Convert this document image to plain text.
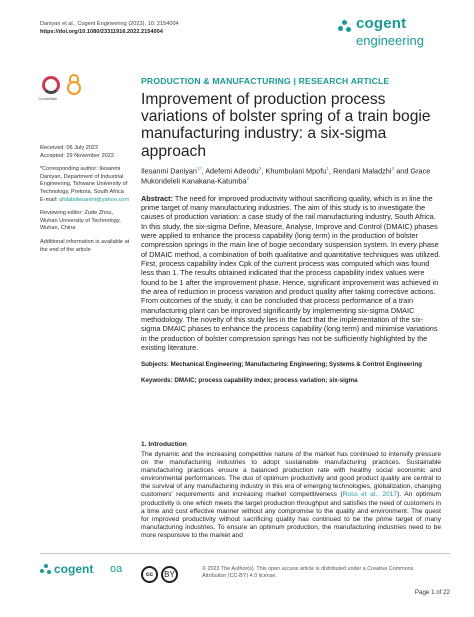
Daniyan et al., Cogent Engineering (2023), 10: 2154004
https://doi.org/10.1080/23311916.2022.2154004	cogent
engineering
CrossMark

Received: 06 July 2022
Accepted: 29 November 2022

*Corresponding author: Ilesanmi Daniyan, Department of Industrial Engineering, Tshwane University of Technology, Pretoria, South Africa
E-mail: afolabiilesanmi@yahoo.com

Reviewing editor: Zude Zhou, Wuhan University of Technology, Wuhan, China

Additional information is available at the end of the article

PRODUCTION & MANUFACTURING | RESEARCH ARTICLE
Improvement of production process variations of bolster spring of a train bogie manufacturing industry: a six-sigma approach
Ilesanmi Daniyan$^{1*}$, Adefemi Adeodu$^2$, Khumbulani Mpofu$^1$, Rendani Maladzhi$^2$ and Grace Mukondeleli Kanakana-Katumba$^2$
Abstract: The need for improved productivity without sacrificing quality, which is in line the prime target of many manufacturing industries. The aim of this study is to investigate the causes of production variation: a case study of the rail manufacturing industry, South Africa. In this study, the six-sigma Define, Measure, Analyse, Improve and Control (DMAIC) phases were applied to enhance the process capability (long term) in the production of bolster compression springs in the main line of bogie secondary suspension system. In every phase of DMAIC method, a combination of both qualitative and quantitative techniques was utilized. First, process capability index Cpk of the current process was computed which was found less than 1. The results obtained indicated that the process capability index values were found to be 1 after the improvement phase. Hence, significant improvement was achieved in the area of reduction in process variation and product quality after taking corrective actions. From outcomes of the study, it can be concluded that process performance of a train manufacturing plant can be improved significantly by implementing six-sigma DMAIC methodology. The novelty of this study lies in the fact that the implementation of the six-sigma DMAIC phases to enhance the process capability (long term) and minimise variations in the production of bolster compression springs has not be sufficiently highlighted by the existing literature.
Subjects: Mechanical Engineering; Manufacturing Engineering; Systems & Control Engineering
Keywords: DMAIC; process capability index; process variation; six-sigma
1. Introduction
The dynamic and the increasing competitive nature of the market has continued to intensify pressure on the manufacturing industries to adopt sustainable manufacturing practices. Sustainable manufacturing practices ensure a balanced production rate with healthy social economic and environmental performances. The duo of optimum productivity and good product quality are central to the survival of any manufacturing industry in this era of emerging technologies, globalization, changing customers' requirements and increasing market competitiveness (Ross et al., 2017). An optimum productivity is one which meets the target production throughput and satisfies the need of customers in a time and cost effective manner without any compromise to the quality and environment. The quest for improved productivity without sacrificing quality has continued to be the prime target of many manufacturing industries. To ensure an optimum production, the manufacturing industries need to be more responsive to the market and
cogent oa	cc	BY
© 2023 The Author(s). This open access article is distributed under a Creative Commons
Attribution (CC-BY) 4.0 license.
Page 1 of 22
